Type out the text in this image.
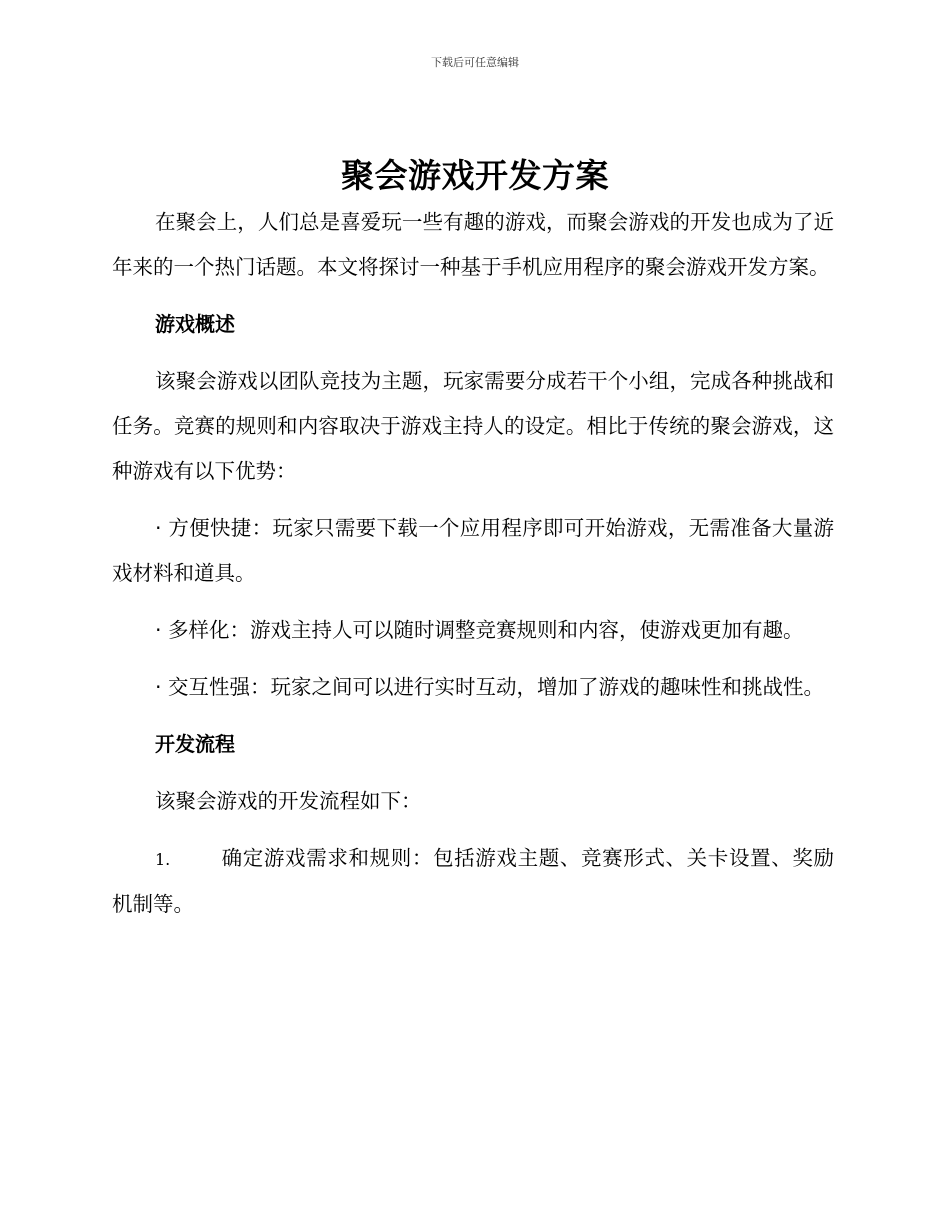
下载后可任意编辑
聚会游戏开发方案

在聚会上，人们总是喜爱玩一些有趣的游戏，而聚会游戏的开发也成为了近年来的一个热门话题。本文将探讨一种基于手机应用程序的聚会游戏开发方案。

游戏概述

该聚会游戏以团队竞技为主题，玩家需要分成若干个小组，完成各种挑战和任务。竞赛的规则和内容取决于游戏主持人的设定。相比于传统的聚会游戏，这种游戏有以下优势：

· 方便快捷：玩家只需要下载一个应用程序即可开始游戏，无需准备大量游戏材料和道具。

· 多样化：游戏主持人可以随时调整竞赛规则和内容，使游戏更加有趣。

· 交互性强：玩家之间可以进行实时互动，增加了游戏的趣味性和挑战性。

开发流程

该聚会游戏的开发流程如下：

1. 确定游戏需求和规则：包括游戏主题、竞赛形式、关卡设置、奖励机制等。
